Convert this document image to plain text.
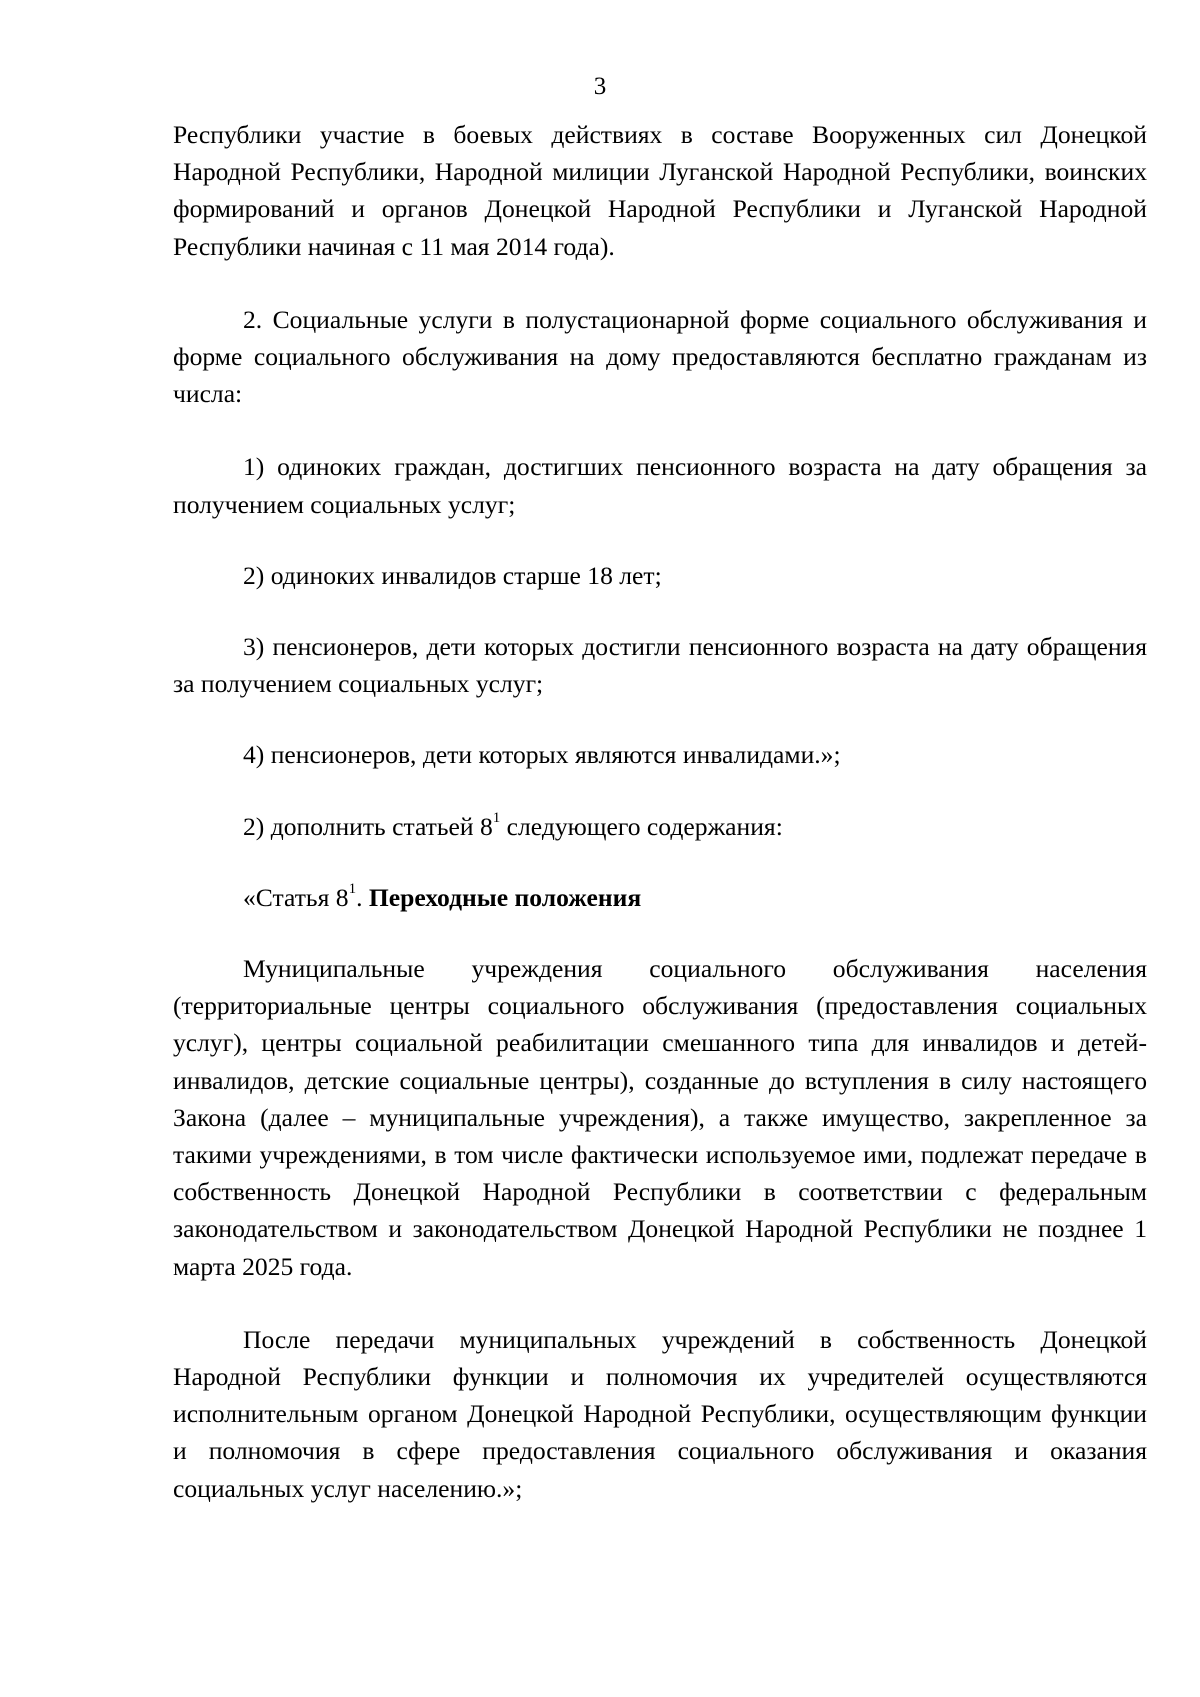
3

Республики участие в боевых действиях в составе Вооруженных сил Донецкой Народной Республики, Народной милиции Луганской Народной Республики, воинских формирований и органов Донецкой Народной Республики и Луганской Народной Республики начиная с 11 мая 2014 года).

2. Социальные услуги в полустационарной форме социального обслуживания и форме социального обслуживания на дому предоставляются бесплатно гражданам из числа:

1) одиноких граждан, достигших пенсионного возраста на дату обращения за получением социальных услуг;

2) одиноких инвалидов старше 18 лет;

3) пенсионеров, дети которых достигли пенсионного возраста на дату обращения за получением социальных услуг;

4) пенсионеров, дети которых являются инвалидами.»;

2) дополнить статьей $8^1$ следующего содержания:

«Статья $8^1$. Переходные положения

Муниципальные учреждения социального обслуживания населения (территориальные центры социального обслуживания (предоставления социальных услуг), центры социальной реабилитации смешанного типа для инвалидов и детей-инвалидов, детские социальные центры), созданные до вступления в силу настоящего Закона (далее – муниципальные учреждения), а также имущество, закрепленное за такими учреждениями, в том числе фактически используемое ими, подлежат передаче в собственность Донецкой Народной Республики в соответствии с федеральным законодательством и законодательством Донецкой Народной Республики не позднее 1 марта 2025 года.

После передачи муниципальных учреждений в собственность Донецкой Народной Республики функции и полномочия их учредителей осуществляются исполнительным органом Донецкой Народной Республики, осуществляющим функции и полномочия в сфере предоставления социального обслуживания и оказания социальных услуг населению.»;
